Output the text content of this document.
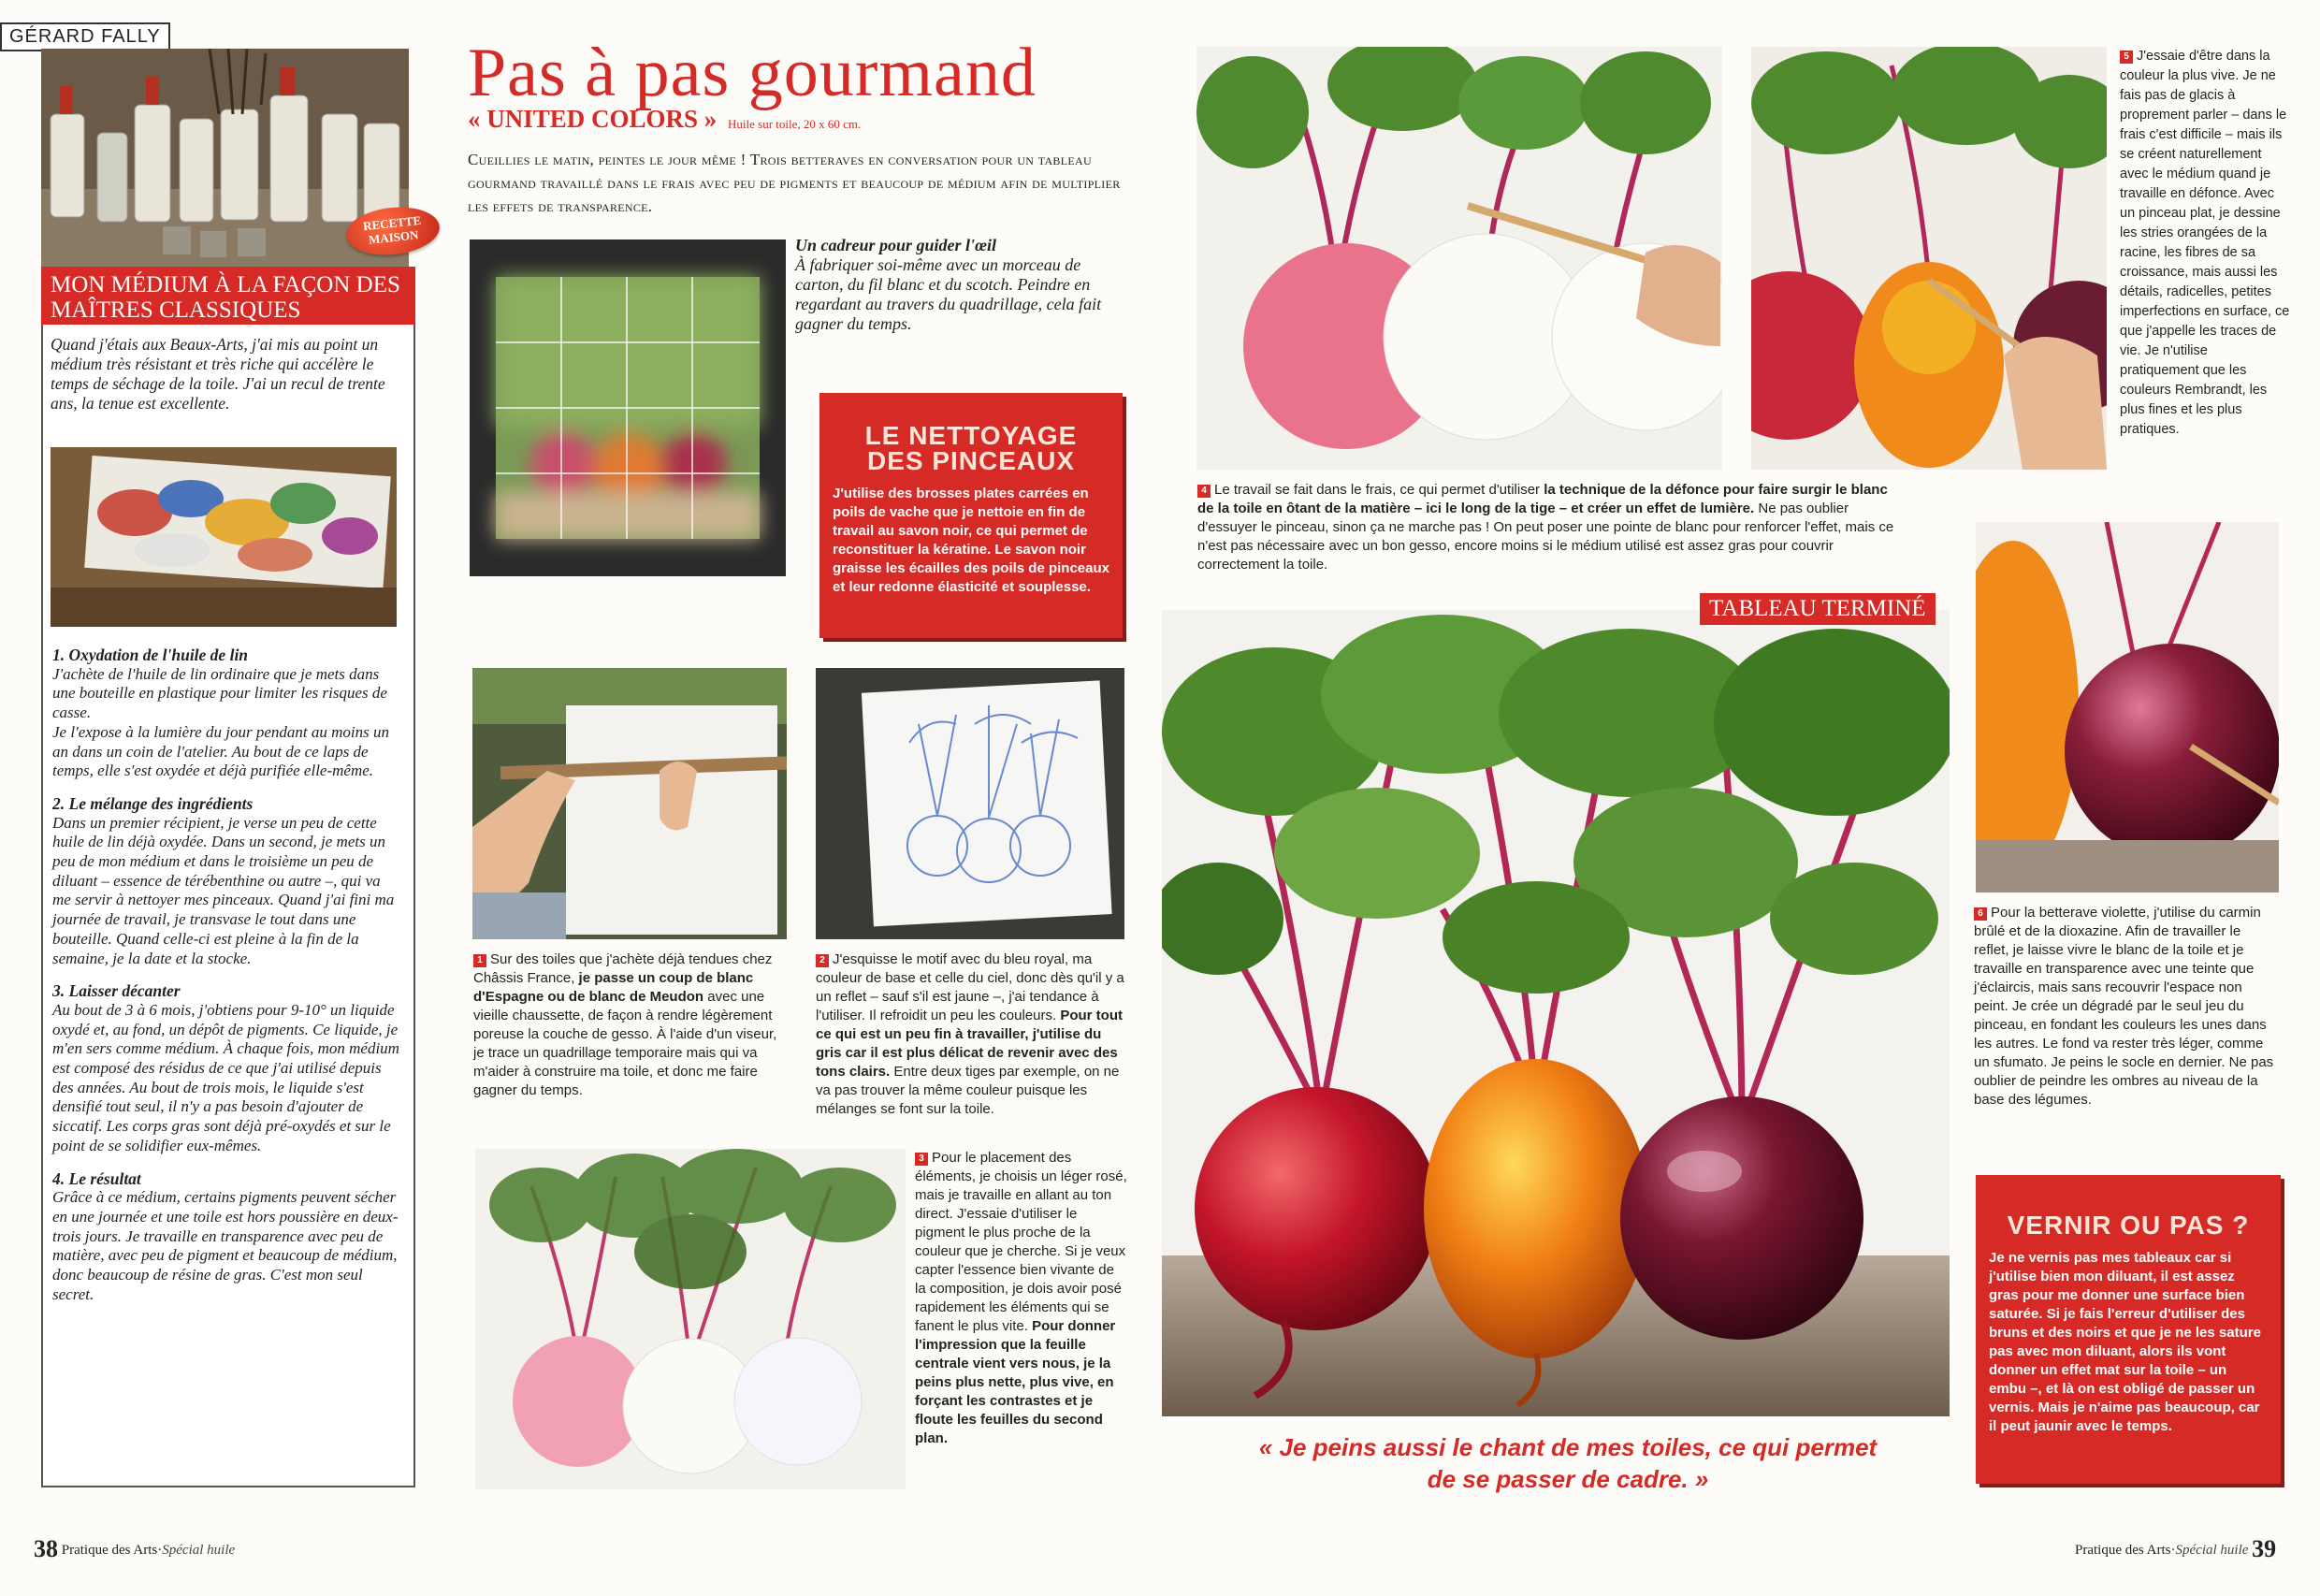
GÉRARD FALLY
RECETTE
MAISON
MON MÉDIUM À LA FAÇON DES MAÎTRES CLASSIQUES
Quand j'étais aux Beaux-Arts, j'ai mis au point un médium très résistant et très riche qui accélère le temps de séchage de la toile. J'ai un recul de trente ans, la tenue est excellente.
1. Oxydation de l'huile de lin

J'achète de l'huile de lin ordinaire que je mets dans une bouteille en plastique pour limiter les risques de casse.
Je l'expose à la lumière du jour pendant au moins un an dans un coin de l'atelier. Au bout de ce laps de temps, elle s'est oxydée et déjà purifiée elle-même.

2. Le mélange des ingrédients

Dans un premier récipient, je verse un peu de cette huile de lin déjà oxydée. Dans un second, je mets un peu de mon médium et dans le troisième un peu de diluant – essence de térébenthine ou autre –, qui va me servir à nettoyer mes pinceaux. Quand j'ai fini ma journée de travail, je transvase le tout dans une bouteille. Quand celle-ci est pleine à la fin de la semaine, je la date et la stocke.

3. Laisser décanter

Au bout de 3 à 6 mois, j'obtiens pour 9-10° un liquide oxydé et, au fond, un dépôt de pigments. Ce liquide, je m'en sers comme médium. À chaque fois, mon médium est composé des résidus de ce que j'ai utilisé depuis des années. Au bout de trois mois, le liquide s'est densifié tout seul, il n'y a pas besoin d'ajouter de siccatif. Les corps gras sont déjà pré-oxydés et sur le point de se solidifier eux-mêmes.

4. Le résultat

Grâce à ce médium, certains pigments peuvent sécher en une journée et une toile est hors poussière en deux-trois jours. Je travaille en transparence avec peu de matière, avec peu de pigment et beaucoup de médium, donc beaucoup de résine de gras. C'est mon seul secret.

Pas à pas gourmand
« UNITED COLORS » Huile sur toile, 20 x 60 cm.
Cueillies le matin, peintes le jour même ! Trois betteraves en conversation pour un tableau gourmand travaillé dans le frais avec peu de pigments et beaucoup de médium afin de multiplier les effets de transparence.
Un cadreur pour guider l'œil
À fabriquer soi-même avec un morceau de carton, du fil blanc et du scotch. Peindre en regardant au travers du quadrillage, cela fait gagner du temps.
LE NETTOYAGE
DES PINCEAUX

J'utilise des brosses plates carrées en poils de vache que je nettoie en fin de travail au savon noir, ce qui permet de reconstituer la kératine. Le savon noir graisse les écailles des poils de pinceaux et leur redonne élasticité et souplesse.

1 Sur des toiles que j'achète déjà tendues chez Châssis France, je passe un coup de blanc d'Espagne ou de blanc de Meudon avec une vieille chaussette, de façon à rendre légèrement poreuse la couche de gesso. À l'aide d'un viseur, je trace un quadrillage temporaire mais qui va m'aider à construire ma toile, et donc me faire gagner du temps.
2 J'esquisse le motif avec du bleu royal, ma couleur de base et celle du ciel, donc dès qu'il y a un reflet – sauf s'il est jaune –, j'ai tendance à l'utiliser. Il refroidit un peu les couleurs. Pour tout ce qui est un peu fin à travailler, j'utilise du gris car il est plus délicat de revenir avec des tons clairs. Entre deux tiges par exemple, on ne va pas trouver la même couleur puisque les mélanges se font sur la toile.
3 Pour le placement des éléments, je choisis un léger rosé, mais je travaille en allant au ton direct. J'essaie d'utiliser le pigment le plus proche de la couleur que je cherche. Si je veux capter l'essence bien vivante de la composition, je dois avoir posé rapidement les éléments qui se fanent le plus vite. Pour donner l'impression que la feuille centrale vient vers nous, je la peins plus nette, plus vive, en forçant les contrastes et je floute les feuilles du second plan.
4 Le travail se fait dans le frais, ce qui permet d'utiliser la technique de la défonce pour faire surgir le blanc de la toile en ôtant de la matière – ici le long de la tige – et créer un effet de lumière. Ne pas oublier d'essuyer le pinceau, sinon ça ne marche pas ! On peut poser une pointe de blanc pour renforcer l'effet, mais ce n'est pas nécessaire avec un bon gesso, encore moins si le médium utilisé est assez gras pour couvrir correctement la toile.
5 J'essaie d'être dans la couleur la plus vive. Je ne fais pas de glacis à proprement parler – dans le frais c'est difficile – mais ils se créent naturellement avec le médium quand je travaille en défonce. Avec un pinceau plat, je dessine les stries orangées de la racine, les fibres de sa croissance, mais aussi les détails, radicelles, petites imperfections en surface, ce que j'appelle les traces de vie. Je n'utilise pratiquement que les couleurs Rembrandt, les plus fines et les plus pratiques.
TABLEAU TERMINÉ
« Je peins aussi le chant de mes toiles, ce qui permet de se passer de cadre. »
6 Pour la betterave violette, j'utilise du carmin brûlé et de la dioxazine. Afin de travailler le reflet, je laisse vivre le blanc de la toile et je travaille en transparence avec une teinte que j'éclaircis, mais sans recouvrir l'espace non peint. Je crée un dégradé par le seul jeu du pinceau, en fondant les couleurs les unes dans les autres. Le fond va rester très léger, comme un sfumato. Je peins le socle en dernier. Ne pas oublier de peindre les ombres au niveau de la base des légumes.
VERNIR OU PAS ?

Je ne vernis pas mes tableaux car si j'utilise bien mon diluant, il est assez gras pour me donner une surface bien saturée. Si je fais l'erreur d'utiliser des bruns et des noirs et que je ne les sature pas avec mon diluant, alors ils vont donner un effet mat sur la toile – un embu –, et là on est obligé de passer un vernis. Mais je n'aime pas beaucoup, car il peut jaunir avec le temps.

38 Pratique des Arts·Spécial huile	Pratique des Arts·Spécial huile 39
